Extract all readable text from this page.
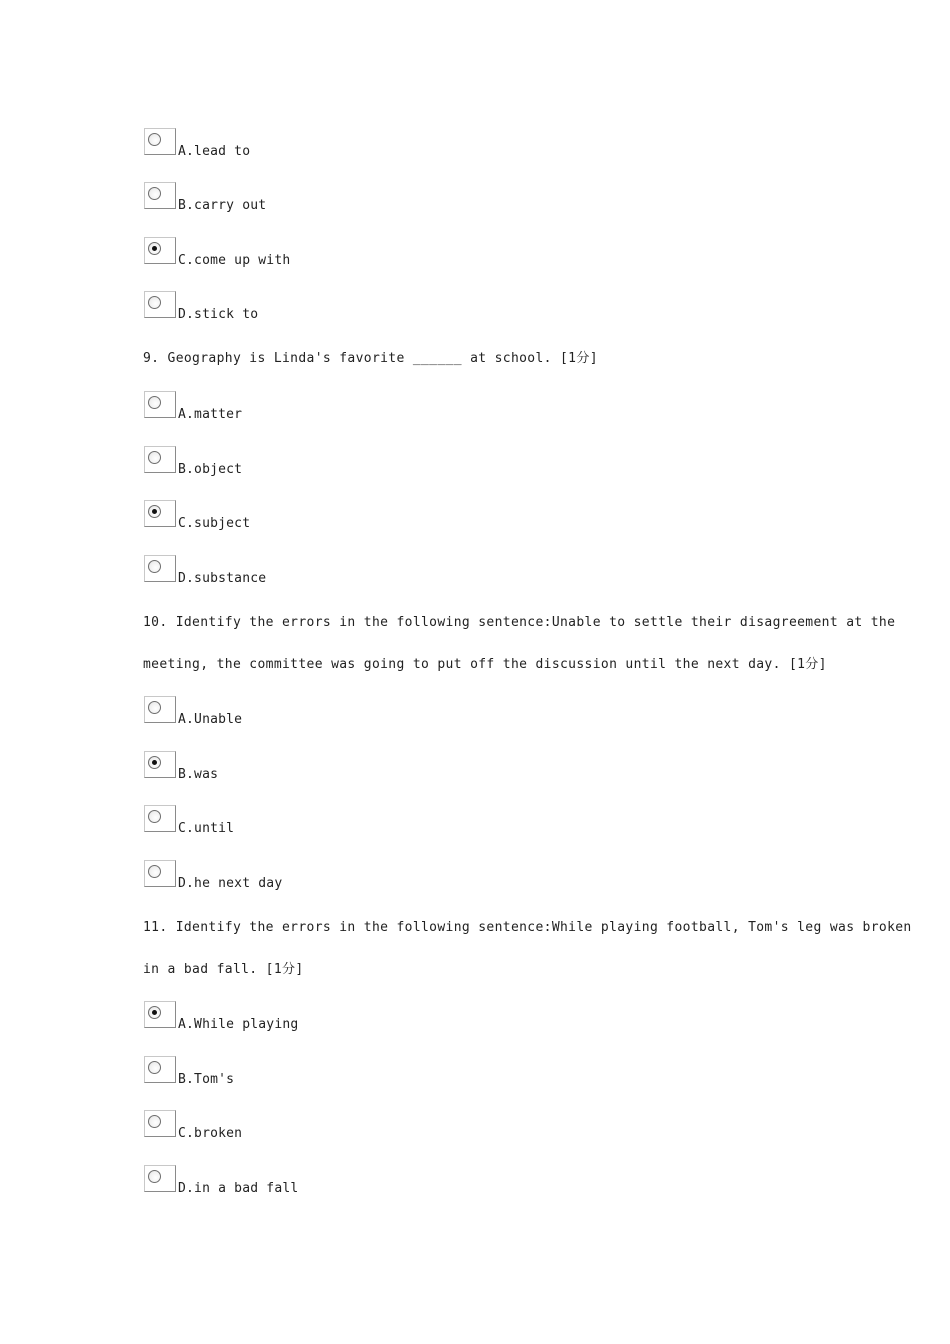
A.lead to
B.carry out
C.come up with
D.stick to
9. Geography is Linda's favorite ______ at school. [1分]
A.matter
B.object
C.subject
D.substance
10. Identify the errors in the following sentence:Unable to settle their disagreement at the
meeting, the committee was going to put off the discussion until the next day. [1分]
A.Unable
B.was
C.until
D.he next day
11. Identify the errors in the following sentence:While playing football, Tom's leg was broken
in a bad fall. [1分]
A.While playing
B.Tom's
C.broken
D.in a bad fall
